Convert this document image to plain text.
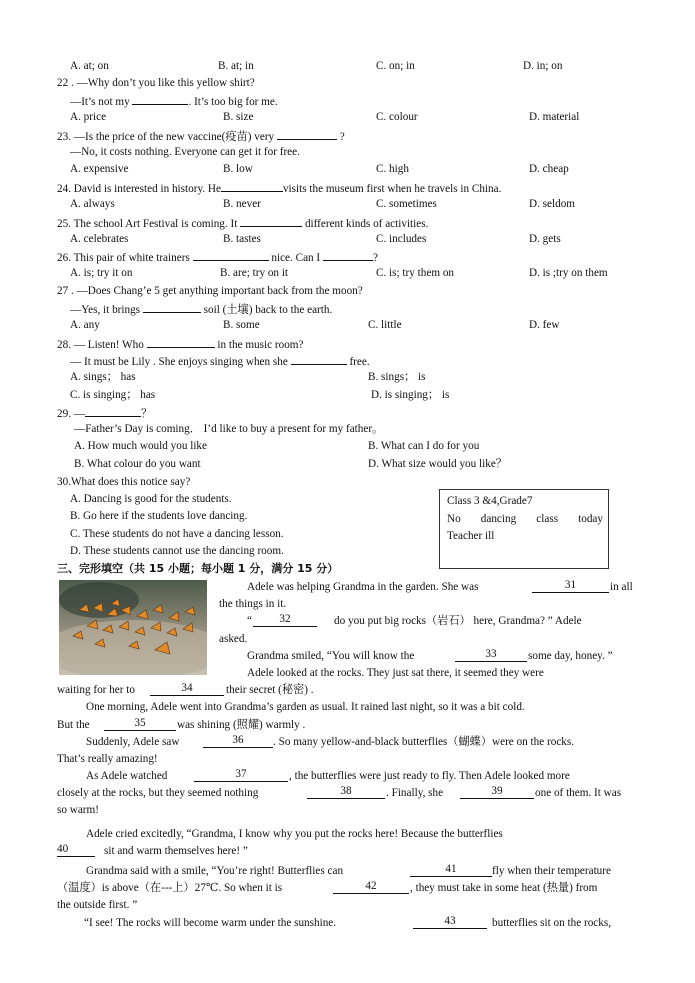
A. at; on	B. at; in	C. on; in	D. in; on
22 . —Why don’t you like this yellow shirt?
—It’s not my	. It’s too big for me.
A. price	B. size	C. colour	D. material
23. —Is the price of the new vaccine(疫苗) very	?
—No, it costs nothing. Everyone can get it for free.
A. expensive	B. low	C. high	D. cheap
24. David is interested in history. He	visits the museum first when he travels in China.
A. always	B. never	C. sometimes	D. seldom
25. The school Art Festival is coming. It	different kinds of activities.
A. celebrates	B. tastes	C. includes	D. gets
26. This pair of white trainers	nice. Can I	?
A. is; try it on	B. are; try on it	C. is; try them on	D. is ;try on them
27 . —Does Chang’e 5 get anything important back from the moon?
—Yes, it brings	soil (土壤) back to the earth.
A. any	B. some	C. little	D. few
28. — Listen! Who	in the music room?
— It must be Lily . She enjoys singing when she	free.
A. sings； has	B. sings； is
C. is singing； has	D. is singing； is
29. —	？
—Father’s Day is coming． I’d like to buy a present for my father。
A. How much would you like	B. What can I do for you
B. What colour do you want	D. What size would you like？
30.What does this notice say?
A. Dancing is good for the students.
B. Go here if the students love dancing.
C. These students do not have a dancing lesson.
D. These students cannot use the dancing room.
Class 3 &4,Grade7
No dancing class today
Teacher ill
三、完形填空（共 15 小题；每小题 1 分，满分 15 分）
Adele was helping Grandma in the garden. She was	31	in all
the things in it.
“	32	do you put big rocks（岩石） here, Grandma? ” Adele
asked.
Grandma smiled, “You will know the	33	some day, honey. ”
Adele looked at the rocks. They just sat there, it seemed they were
waiting for her to	34	their secret (秘密) .
One morning, Adele went into Grandma’s garden as usual. It rained last night, so it was a bit cold.
But the	35	was shining (照耀) warmly .
Suddenly, Adele saw	36	. So many yellow-and-black butterflies（蝴蝶）were on the rocks.
That’s really amazing!
As Adele watched	37	, the butterflies were just ready to fly. Then Adele looked more
closely at the rocks, but they seemed nothing	38	. Finally, she	39	one of them. It was
so warm!
Adele cried excitedly, “Grandma, I know why you put the rocks here! Because the butterflies
40	sit and warm themselves here! ”
Grandma said with a smile, “You’re right! Butterflies can	41	fly when their temperature
（温度）is above（在---上）27℃. So when it is	42	, they must take in some heat (热量) from
the outside first. ”
“I see! The rocks will become warm under the sunshine.	43	butterflies sit on the rocks,
